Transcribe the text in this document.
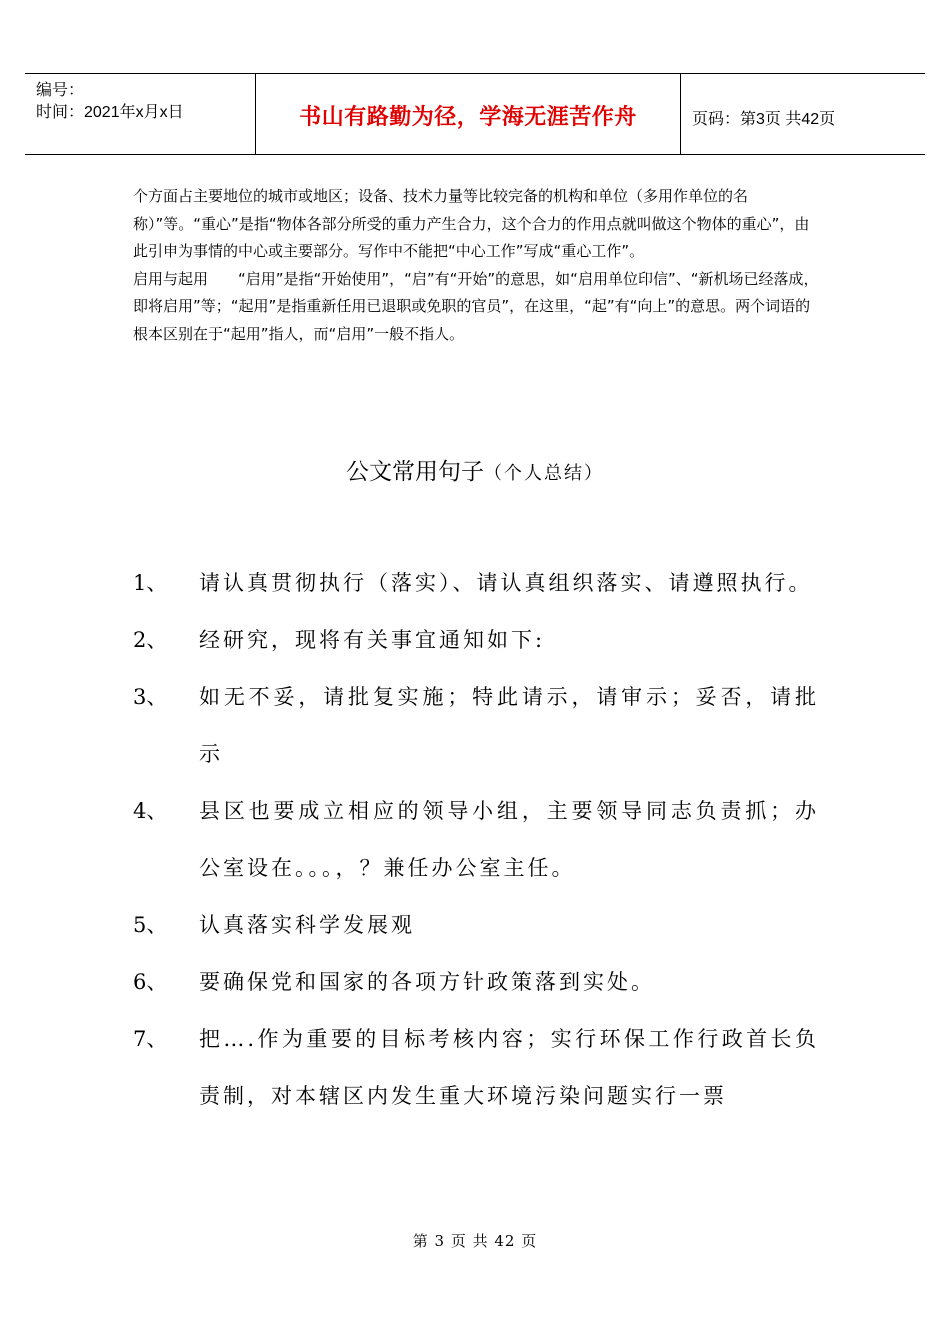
编号：
时间：2021年x月x日	书山有路勤为径，学海无涯苦作舟	页码：第3页 共42页

个方面占主要地位的城市或地区；设备、技术力量等比较完备的机构和单位（多用作单位的名称）”等。“重心”是指“物体各部分所受的重力产生合力，这个合力的作用点就叫做这个物体的重心”，由此引申为事情的中心或主要部分。写作中不能把“中心工作”写成“重心工作”。

启用与起用　　“启用”是指“开始使用”，“启”有“开始”的意思，如“启用单位印信”、“新机场已经落成，即将启用”等；“起用”是指重新任用已退职或免职的官员”，在这里，“起”有“向上”的意思。两个词语的根本区别在于“起用”指人，而“启用”一般不指人。

公文常用句子（个人总结）
1、 请认真贯彻执行（落实）、请认真组织落实、请遵照执行。
2、 经研究，现将有关事宜通知如下:
3、 如无不妥，请批复实施；特此请示，请审示；妥否，请批示
4、 县区也要成立相应的领导小组，主要领导同志负责抓；办公室设在。。。，？兼任办公室主任。
5、 认真落实科学发展观
6、 要确保党和国家的各项方针政策落到实处。
7、 把….作为重要的目标考核内容；实行环保工作行政首长负责制，对本辖区内发生重大环境污染问题实行一票
第 3 页 共 42 页
